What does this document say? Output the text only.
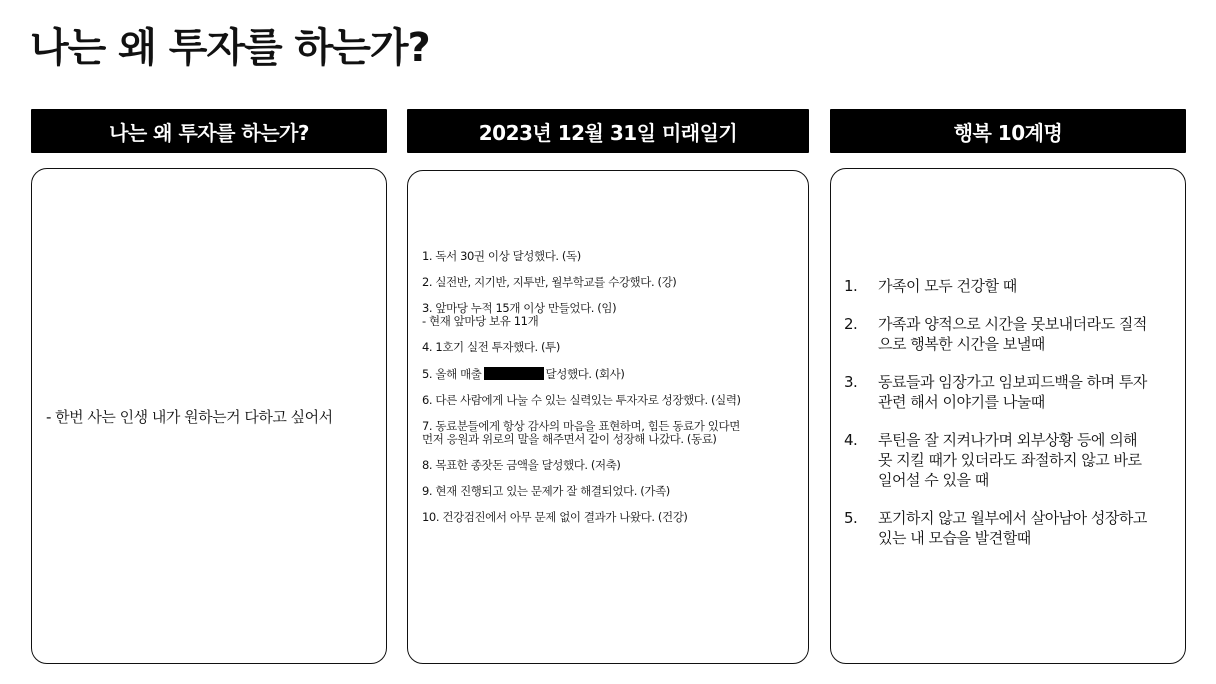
나는 왜 투자를 하는가?
나는 왜 투자를 하는가?
- 한번 사는 인생 내가 원하는거 다하고 싶어서
2023년 12월 31일 미래일기
1. 독서 30권 이상 달성했다. (독)
2. 실전반, 지기반, 지투반, 월부학교를 수강했다. (강)
3. 앞마당 누적 15개 이상 만들었다. (임)
- 현재 앞마당 보유 11개
4. 1호기 실전 투자했다. (투)
5. 올해 매출	달성했다. (회사)
6. 다른 사람에게 나눌 수 있는 실력있는 투자자로 성장했다. (실력)
7. 동료분들에게 항상 감사의 마음을 표현하며, 힘든 동료가 있다면
먼저 응원과 위로의 말을 해주면서 같이 성장해 나갔다. (동료)
8. 목표한 종잣돈 금액을 달성했다. (저축)
9. 현재 진행되고 있는 문제가 잘 해결되었다. (가족)
10. 건강검진에서 아무 문제 없이 결과가 나왔다. (건강)
행복 10계명
1.	가족이 모두 건강할 때
2.	가족과 양적으로 시간을 못보내더라도 질적
으로 행복한 시간을 보낼때
3.	동료들과 임장가고 임보피드백을 하며 투자
관련 해서 이야기를 나눌때
4.	루틴을 잘 지켜나가며 외부상황 등에 의해
못 지킬 때가 있더라도 좌절하지 않고 바로
일어설 수 있을 때
5.	포기하지 않고 월부에서 살아남아 성장하고
있는 내 모습을 발견할때
